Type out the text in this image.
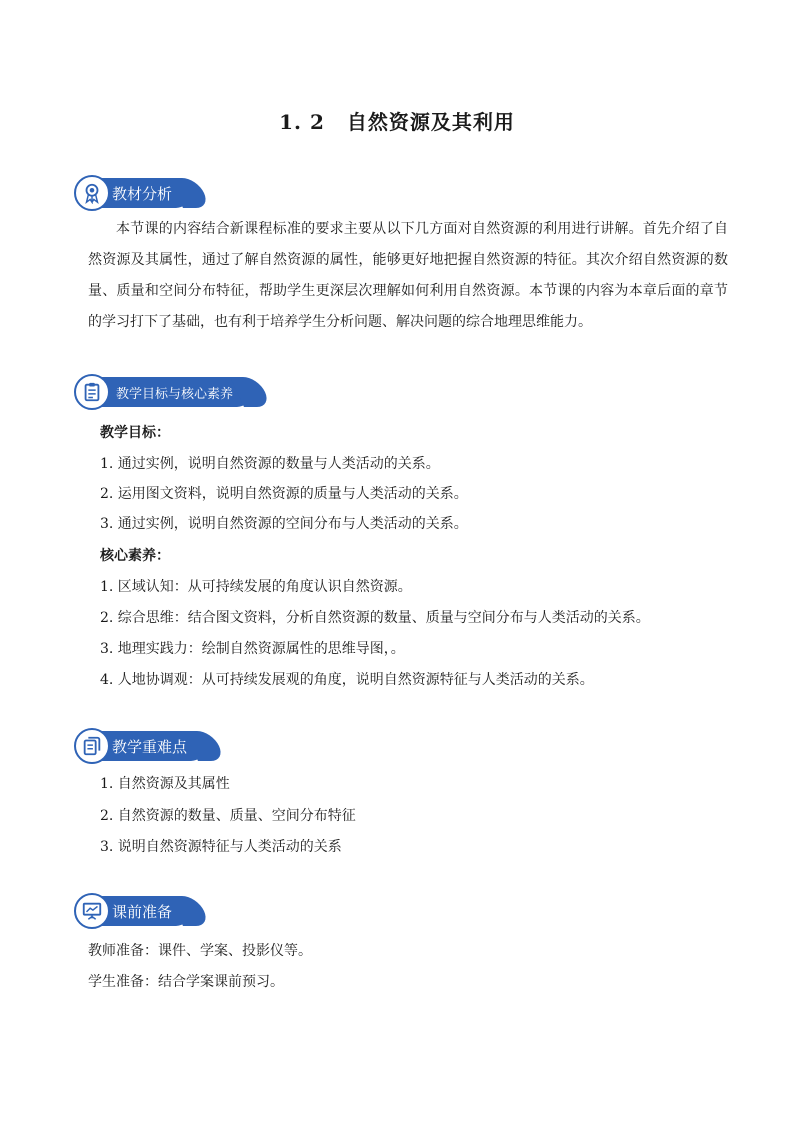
1. 2 自然资源及其利用
教材分析
本节课的内容结合新课程标准的要求主要从以下几方面对自然资源的利用进行讲解。首先介绍了自然资源及其属性，通过了解自然资源的属性，能够更好地把握自然资源的特征。其次介绍自然资源的数量、质量和空间分布特征，帮助学生更深层次理解如何利用自然资源。本节课的内容为本章后面的章节的学习打下了基础，也有利于培养学生分析问题、解决问题的综合地理思维能力。
教学目标与核心素养
教学目标：
1. 通过实例，说明自然资源的数量与人类活动的关系。
2. 运用图文资料，说明自然资源的质量与人类活动的关系。
3. 通过实例，说明自然资源的空间分布与人类活动的关系。
核心素养：
1. 区域认知：从可持续发展的角度认识自然资源。
2. 综合思维：结合图文资料，分析自然资源的数量、质量与空间分布与人类活动的关系。
3. 地理实践力：绘制自然资源属性的思维导图，。
4. 人地协调观：从可持续发展观的角度，说明自然资源特征与人类活动的关系。
教学重难点
1. 自然资源及其属性
2. 自然资源的数量、质量、空间分布特征
3. 说明自然资源特征与人类活动的关系
课前准备
教师准备：课件、学案、投影仪等。
学生准备：结合学案课前预习。
